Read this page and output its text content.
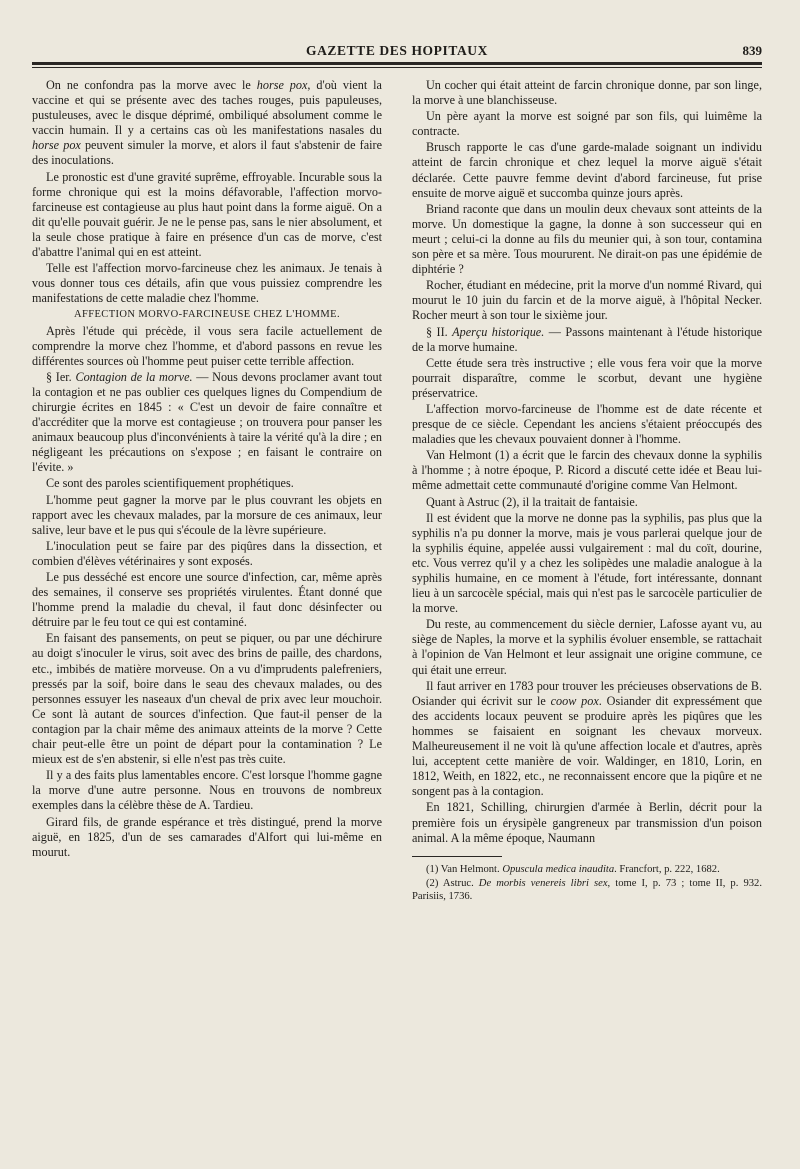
GAZETTE DES HOPITAUX	839

On ne confondra pas la morve avec le horse pox, d'où vient la vaccine et qui se présente avec des taches rouges, puis papuleuses, pustuleuses, avec le disque déprimé, ombiliqué absolument comme le vaccin humain. Il y a certains cas où les manifestations nasales du horse pox peuvent simuler la morve, et alors il faut s'abstenir de faire des inoculations.

Le pronostic est d'une gravité suprême, effroyable. Incurable sous la forme chronique qui est la moins défavorable, l'affection morvo-farcineuse est contagieuse au plus haut point dans la forme aiguë. On a dit qu'elle pouvait guérir. Je ne le pense pas, sans le nier absolument, et la seule chose pratique à faire en présence d'un cas de morve, c'est d'abattre l'animal qui en est atteint.

Telle est l'affection morvo-farcineuse chez les animaux. Je tenais à vous donner tous ces détails, afin que vous puissiez comprendre les manifestations de cette maladie chez l'homme.

AFFECTION MORVO-FARCINEUSE CHEZ L'HOMME.

Après l'étude qui précède, il vous sera facile actuellement de comprendre la morve chez l'homme, et d'abord passons en revue les différentes sources où l'homme peut puiser cette terrible affection.

§ Ier. Contagion de la morve. — Nous devons proclamer avant tout la contagion et ne pas oublier ces quelques lignes du Compendium de chirurgie écrites en 1845 : « C'est un devoir de faire connaître et d'accréditer que la morve est contagieuse ; on trouvera pour panser les animaux beaucoup plus d'inconvénients à taire la vérité qu'à la dire ; en négligeant les précautions on s'expose ; en faisant le contraire on l'évite. »

Ce sont des paroles scientifiquement prophétiques.

L'homme peut gagner la morve par le plus couvrant les objets en rapport avec les chevaux malades, par la morsure de ces animaux, leur salive, leur bave et le pus qui s'écoule de la lèvre supérieure.

L'inoculation peut se faire par des piqûres dans la dissection, et combien d'élèves vétérinaires y sont exposés.

Le pus desséché est encore une source d'infection, car, même après des semaines, il conserve ses propriétés virulentes. Étant donné que l'homme prend la maladie du cheval, il faut donc désinfecter ou détruire par le feu tout ce qui est contaminé.

En faisant des pansements, on peut se piquer, ou par une déchirure au doigt s'inoculer le virus, soit avec des brins de paille, des chardons, etc., imbibés de matière morveuse. On a vu d'imprudents palefreniers, pressés par la soif, boire dans le seau des chevaux malades, ou des personnes essuyer les naseaux d'un cheval de prix avec leur mouchoir. Ce sont là autant de sources d'infection. Que faut-il penser de la contagion par la chair même des animaux atteints de la morve ? Cette chair peut-elle être un point de départ pour la contamination ? Le mieux est de s'en abstenir, si elle n'est pas très cuite.

Il y a des faits plus lamentables encore. C'est lorsque l'homme gagne la morve d'une autre personne. Nous en trouvons de nombreux exemples dans la célèbre thèse de A. Tardieu.

Girard fils, de grande espérance et très distingué, prend la morve aiguë, en 1825, d'un de ses camarades d'Alfort qui lui-même en mourut.

Un cocher qui était atteint de farcin chronique donne, par son linge, la morve à une blanchisseuse.

Un père ayant la morve est soigné par son fils, qui luimême la contracte.

Brusch rapporte le cas d'une garde-malade soignant un individu atteint de farcin chronique et chez lequel la morve aiguë s'était déclarée. Cette pauvre femme devint d'abord farcineuse, fut prise ensuite de morve aiguë et succomba quinze jours après.

Briand raconte que dans un moulin deux chevaux sont atteints de la morve. Un domestique la gagne, la donne à son successeur qui en meurt ; celui-ci la donne au fils du meunier qui, à son tour, contamina son père et sa mère. Tous moururent. Ne dirait-on pas une épidémie de diphtérie ?

Rocher, étudiant en médecine, prit la morve d'un nommé Rivard, qui mourut le 10 juin du farcin et de la morve aiguë, à l'hôpital Necker. Rocher meurt à son tour le sixième jour.

§ II. Aperçu historique. — Passons maintenant à l'étude historique de la morve humaine.

Cette étude sera très instructive ; elle vous fera voir que la morve pourrait disparaître, comme le scorbut, devant une hygiène préservatrice.

L'affection morvo-farcineuse de l'homme est de date récente et presque de ce siècle. Cependant les anciens s'étaient préoccupés des maladies que les chevaux pouvaient donner à l'homme.

Van Helmont (1) a écrit que le farcin des chevaux donne la syphilis à l'homme ; à notre époque, P. Ricord a discuté cette idée et Beau lui-même admettait cette communauté d'origine comme Van Helmont.

Quant à Astruc (2), il la traitait de fantaisie.

Il est évident que la morve ne donne pas la syphilis, pas plus que la syphilis n'a pu donner la morve, mais je vous parlerai quelque jour de la syphilis équine, appelée aussi vulgairement : mal du coït, dourine, etc. Vous verrez qu'il y a chez les solipèdes une maladie analogue à la syphilis humaine, en ce moment à l'étude, fort intéressante, donnant lieu à un sarcocèle spécial, mais qui n'est pas le sarcocèle particulier de la morve.

Du reste, au commencement du siècle dernier, Lafosse ayant vu, au siège de Naples, la morve et la syphilis évoluer ensemble, se rattachait à l'opinion de Van Helmont et leur assignait une origine commune, ce qui était une erreur.

Il faut arriver en 1783 pour trouver les précieuses observations de B. Osiander qui écrivit sur le coow pox. Osiander dit expressément que des accidents locaux peuvent se produire après les piqûres que les hommes se faisaient en soignant les chevaux morveux. Malheureusement il ne voit là qu'une affection locale et d'autres, après lui, acceptent cette manière de voir. Waldinger, en 1810, Lorin, en 1812, Weith, en 1822, etc., ne reconnaissent encore que la piqûre et ne songent pas à la contagion.

En 1821, Schilling, chirurgien d'armée à Berlin, décrit pour la première fois un érysipèle gangreneux par transmission d'un poison animal. A la même époque, Naumann

(1) Van Helmont. Opuscula medica inaudita. Francfort, p. 222, 1682.

(2) Astruc. De morbis venereis libri sex, tome I, p. 73 ; tome II, p. 932. Parisiis, 1736.
